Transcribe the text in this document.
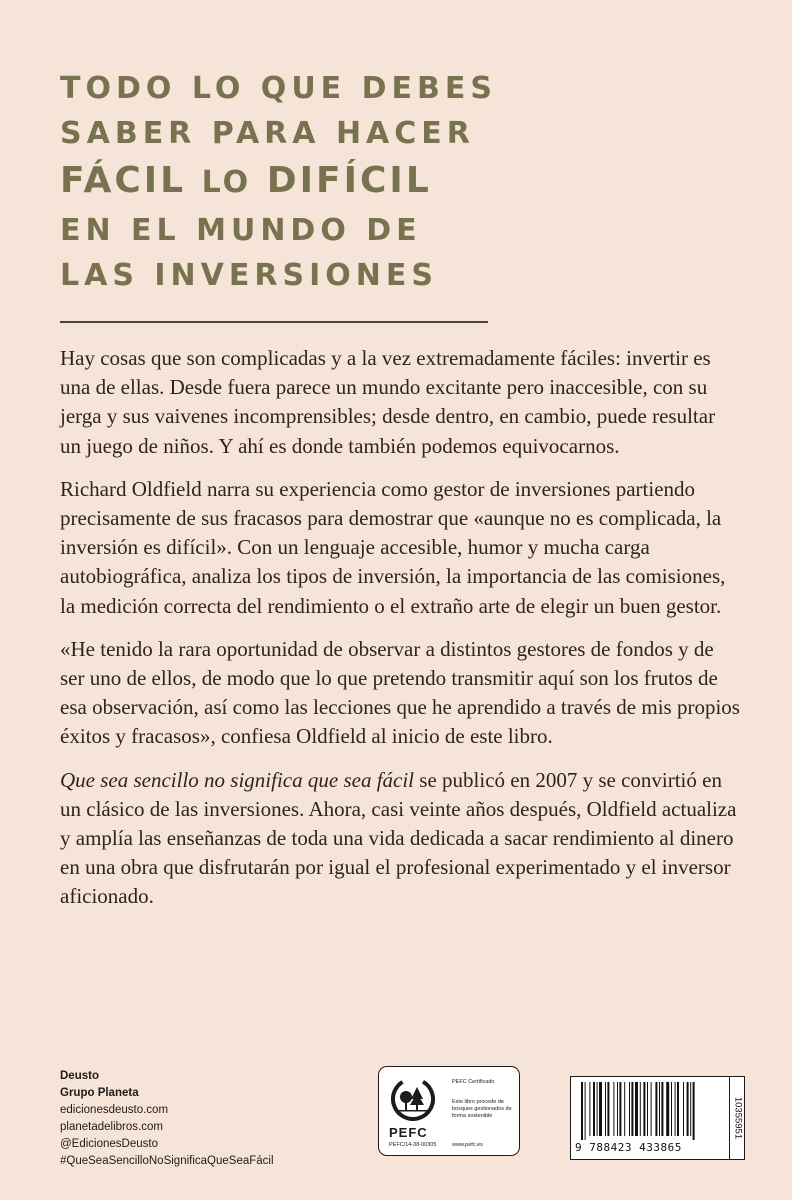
TODO LO QUE DEBES
SABER PARA HACER
FÁCIL LO DIFÍCIL
EN EL MUNDO DE
LAS INVERSIONES

Hay cosas que son complicadas y a la vez extremadamente fáciles: invertir es una de ellas. Desde fuera parece un mundo excitante pero inaccesible, con su jerga y sus vaivenes incomprensibles; desde dentro, en cambio, puede resultar un juego de niños. Y ahí es donde también podemos equivocarnos.

Richard Oldfield narra su experiencia como gestor de inversiones partiendo precisamente de sus fracasos para demostrar que «aunque no es complicada, la inversión es difícil». Con un lenguaje accesible, humor y mucha carga autobiográfica, analiza los tipos de inversión, la importancia de las comisiones, la medición correcta del rendimiento o el extraño arte de elegir un buen gestor.

«He tenido la rara oportunidad de observar a distintos gestores de fondos y de ser uno de ellos, de modo que lo que pretendo transmitir aquí son los frutos de esa observación, así como las lecciones que he aprendido a través de mis propios éxitos y fracasos», confiesa Oldfield al inicio de este libro.

Que sea sencillo no significa que sea fácil se publicó en 2007 y se convirtió en un clásico de las inversiones. Ahora, casi veinte años después, Oldfield actualiza y amplía las enseñanzas de toda una vida dedicada a sacar rendimiento al dinero en una obra que disfrutarán por igual el profesional experimentado y el inversor aficionado.

Deusto
Grupo Planeta
edicionesdeusto.com
planetadelibros.com
@EdicionesDeusto
#QueSeaSencilloNoSignificaQueSeaFácil
PEFC
PEFC/14-38-00305
PEFC Certificado
Este libro procede de bosques gestionados de forma sostenible
www.pefc.es	9 788423 433865
10355951
